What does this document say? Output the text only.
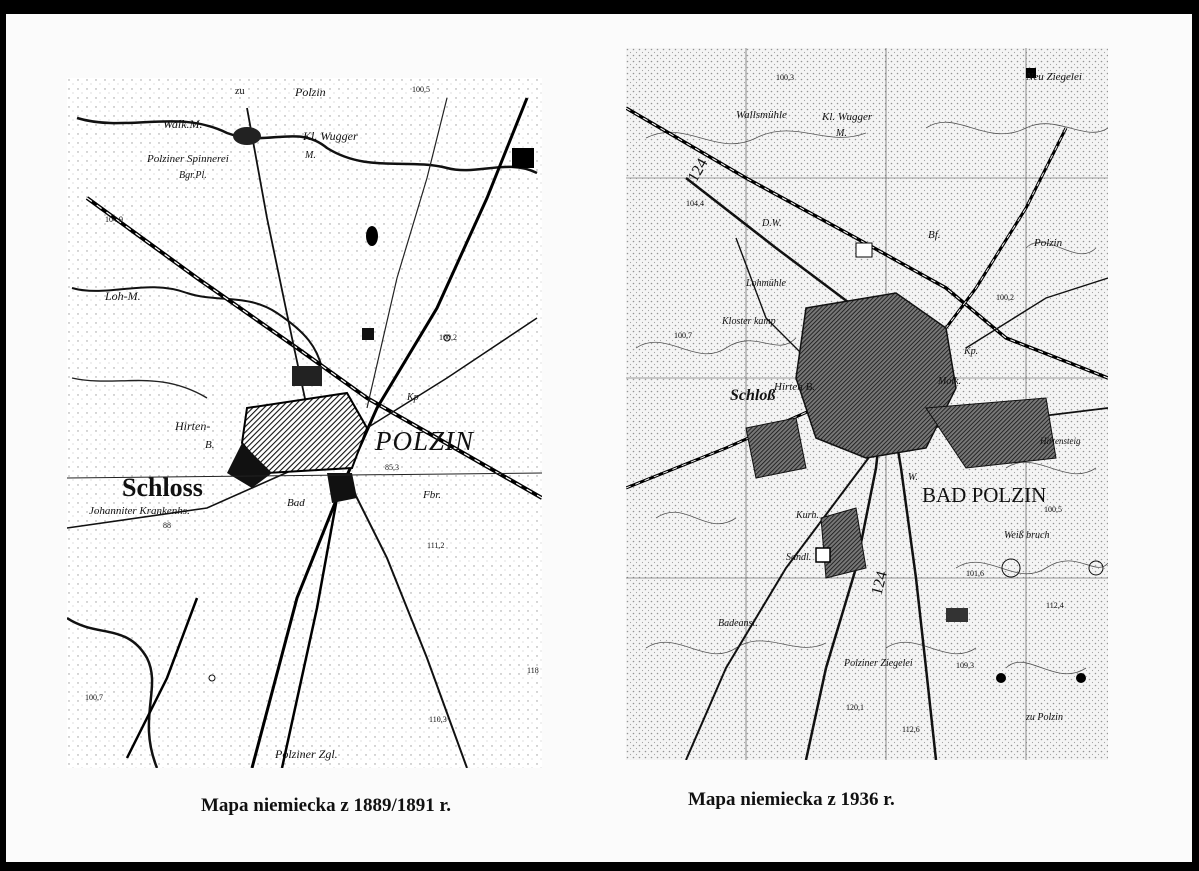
zu	Polzin	100,5
Walk.M.
Kl. Wugger
M.
Polziner Spinnerei
Bgr.Pl.
104,9
Loh-M.
100,2
Kp
Hirten-
B.	POLZIN
85,3
Schloss
Bad
Fbr.
Johanniter Krankenhs.
88
111,2
118
100,7
110,3
Polziner Zgl.
Neu Ziegelei
100,3
Wallsmühle	Kl. Wugger
M.
124
104,4
D.W.
Bf.
Polzin
Lohmühle
100,2
Kloster kamp
100,7
Kp.
Hirten B.	Molk.
Schloß
Hirtensteig
W.
BAD POLZIN
100,5
Kurh.
Sandl.
Weiß bruch
124	101,6
Badeanst.
Polziner Ziegelei	109,3
120,1
112,6
zu Polzin
112,4
Mapa niemiecka z 1889/1891 r.	Mapa niemiecka z 1936 r.
